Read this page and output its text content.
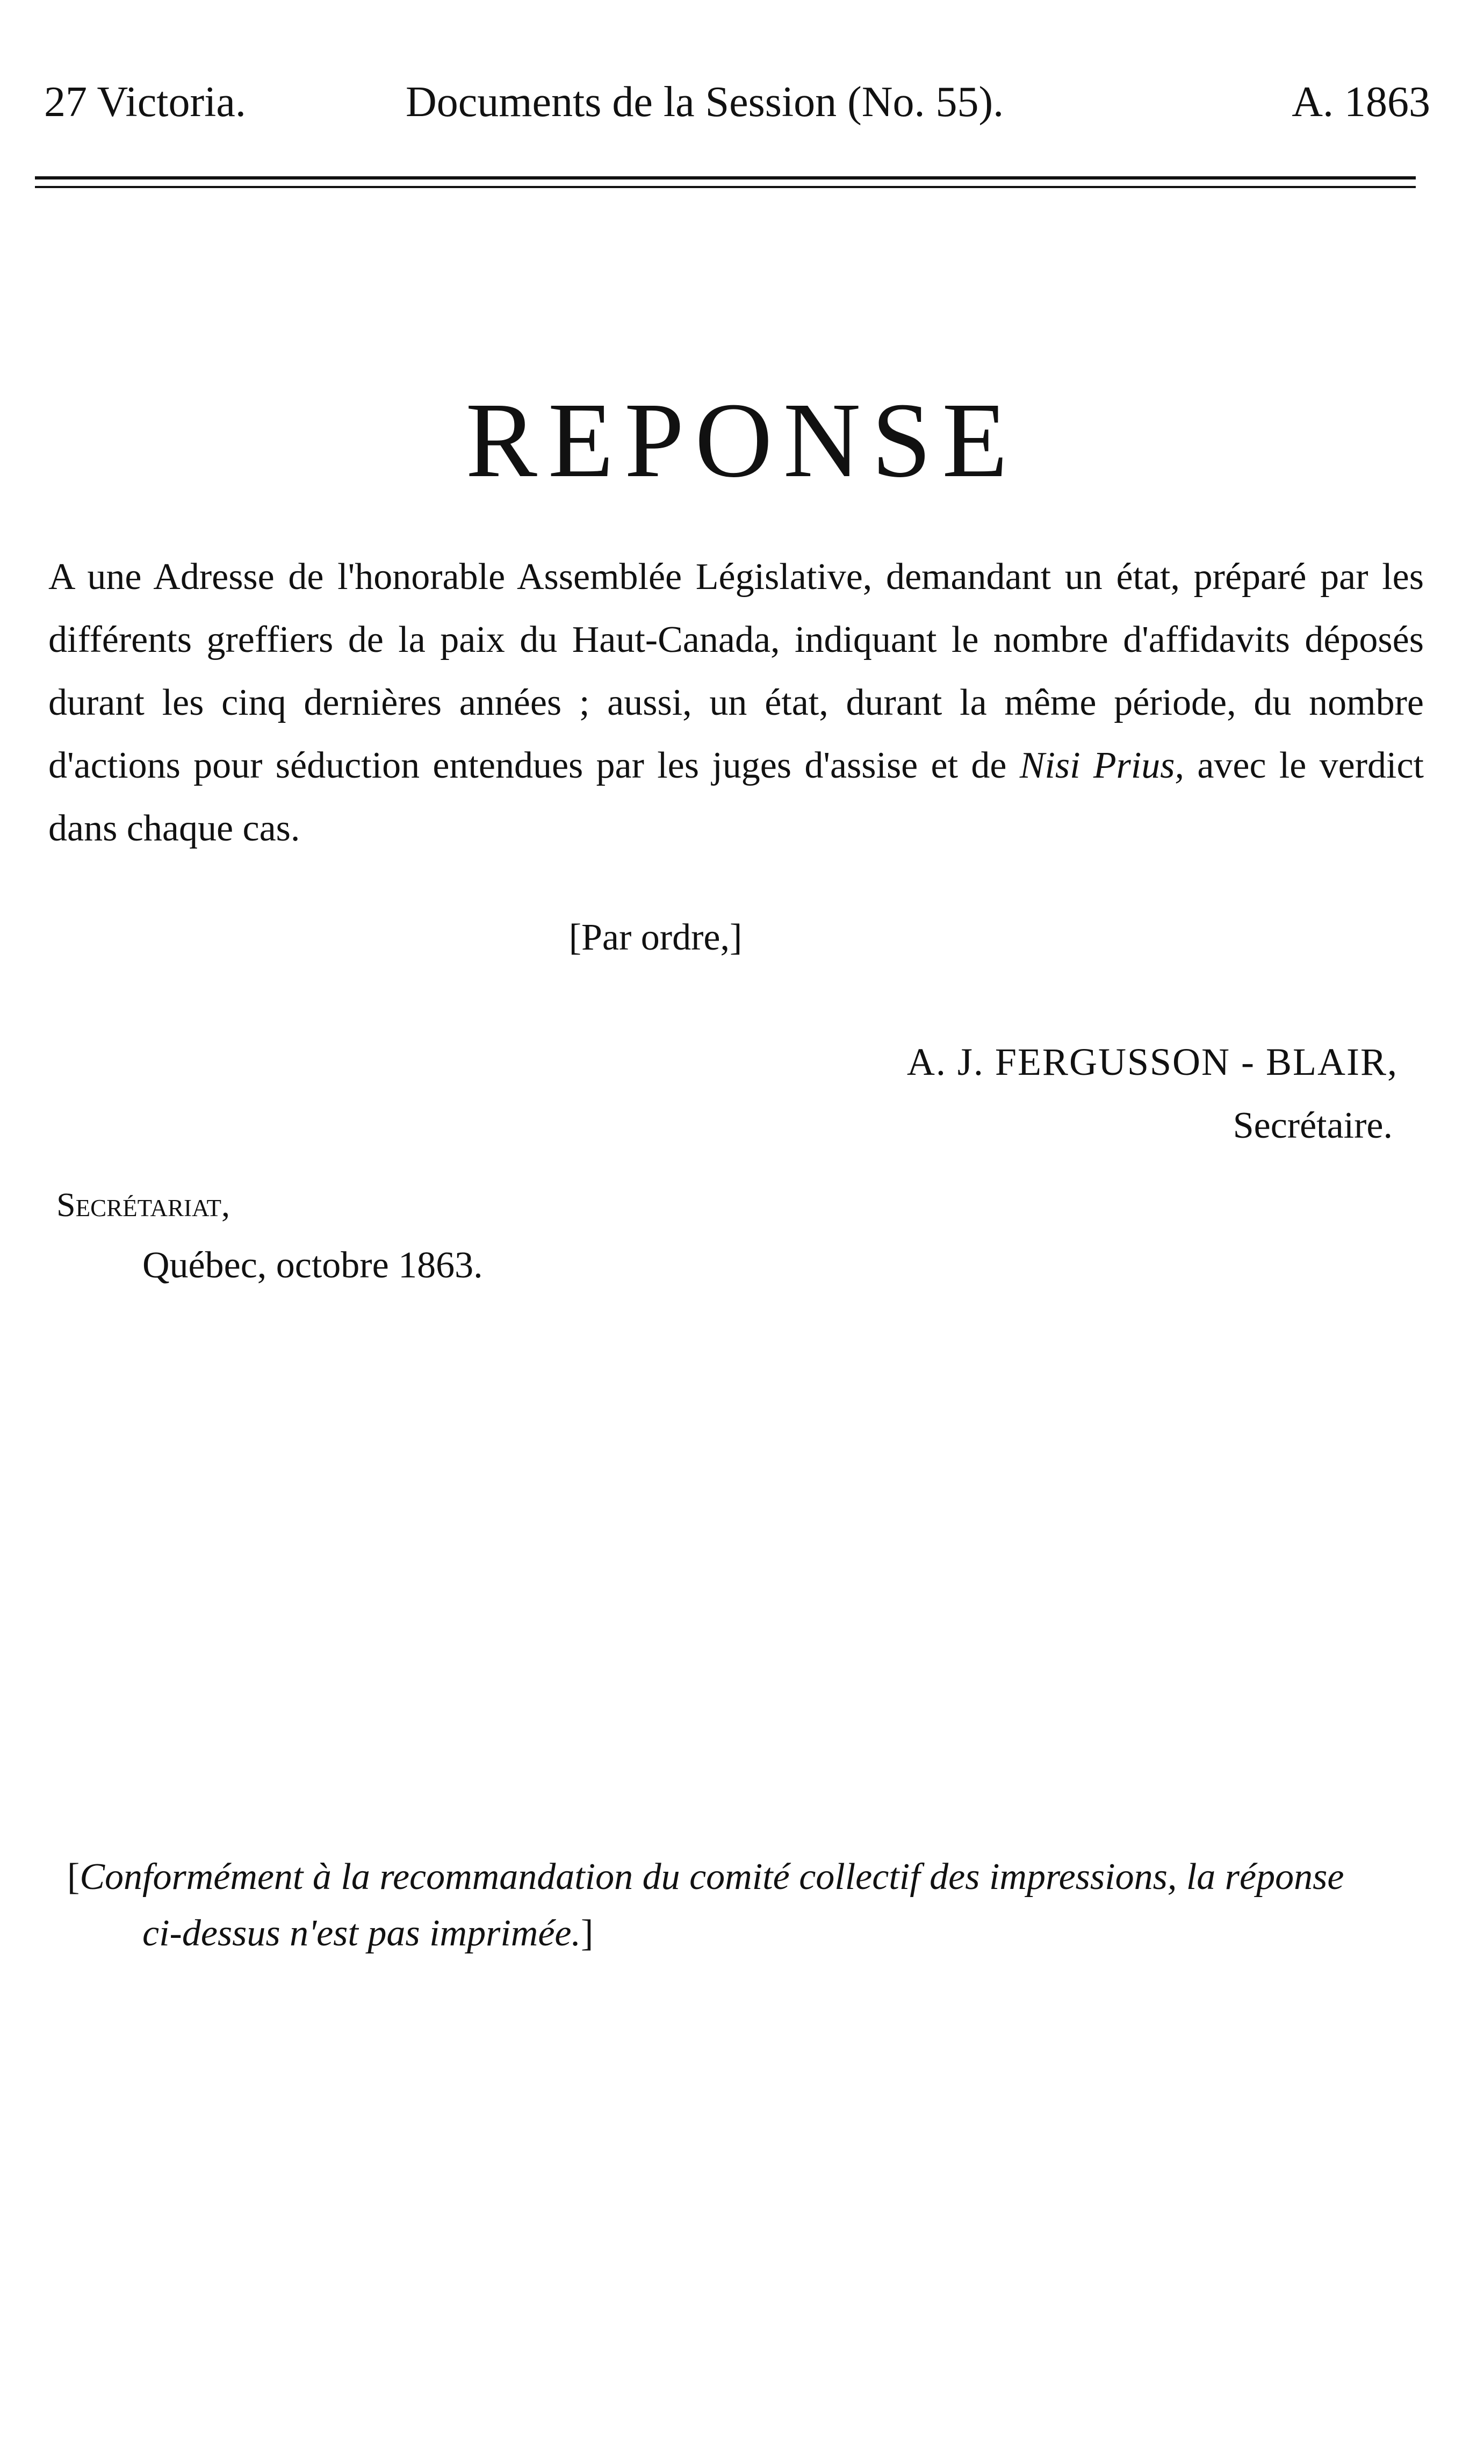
27 Victoria.	Documents de la Session (No. 55).	A. 1863
REPONSE
A une Adresse de l'honorable Assemblée Législative, demandant un état, préparé par les différents greffiers de la paix du Haut-Canada, indiquant le nombre d'affidavits déposés durant les cinq dernières années ; aussi, un état, durant la même période, du nombre d'actions pour séduction entendues par les juges d'assise et de Nisi Prius, avec le verdict dans chaque cas.
[Par ordre,]
A. J. FERGUSSON - BLAIR,
Secrétaire.
Secrétariat,
Québec, octobre 1863.
[Conformément à la recommandation du comité collectif des impressions, la réponse
ci-dessus n'est pas imprimée.]
